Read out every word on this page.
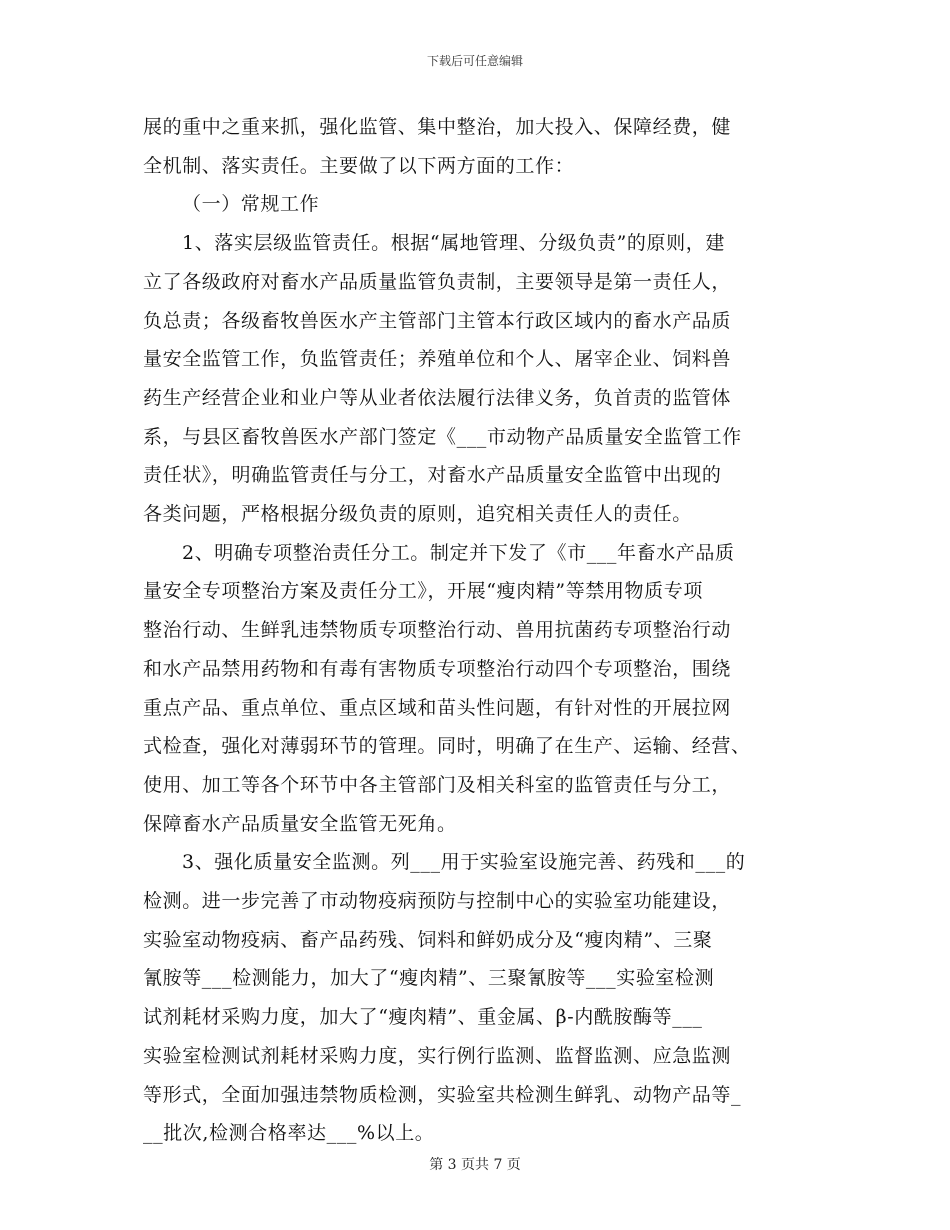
下载后可任意编辑

展的重中之重来抓，强化监管、集中整治，加大投入、保障经费，健

全机制、落实责任。主要做了以下两方面的工作：

（一）常规工作

1、落实层级监管责任。根据“属地管理、分级负责”的原则，建

立了各级政府对畜水产品质量监管负责制，主要领导是第一责任人，

负总责；各级畜牧兽医水产主管部门主管本行政区域内的畜水产品质

量安全监管工作，负监管责任；养殖单位和个人、屠宰企业、饲料兽

药生产经营企业和业户等从业者依法履行法律义务，负首责的监管体

系，与县区畜牧兽医水产部门签定《___市动物产品质量安全监管工作

责任状》，明确监管责任与分工，对畜水产品质量安全监管中出现的

各类问题，严格根据分级负责的原则，追究相关责任人的责任。

2、明确专项整治责任分工。制定并下发了《市___年畜水产品质

量安全专项整治方案及责任分工》，开展“瘦肉精”等禁用物质专项

整治行动、生鲜乳违禁物质专项整治行动、兽用抗菌药专项整治行动

和水产品禁用药物和有毒有害物质专项整治行动四个专项整治，围绕

重点产品、重点单位、重点区域和苗头性问题，有针对性的开展拉网

式检查，强化对薄弱环节的管理。同时，明确了在生产、运输、经营、

使用、加工等各个环节中各主管部门及相关科室的监管责任与分工，

保障畜水产品质量安全监管无死角。

3、强化质量安全监测。列___用于实验室设施完善、药残和___的

检测。进一步完善了市动物疫病预防与控制中心的实验室功能建设，

实验室动物疫病、畜产品药残、饲料和鲜奶成分及“瘦肉精”、三聚

氰胺等___检测能力，加大了“瘦肉精”、三聚氰胺等___实验室检测

试剂耗材采购力度，加大了“瘦肉精”、重金属、β-内酰胺酶等___

实验室检测试剂耗材采购力度，实行例行监测、监督监测、应急监测

等形式，全面加强违禁物质检测，实验室共检测生鲜乳、动物产品等_

__批次,检测合格率达___%以上。

第 3 页共 7 页
